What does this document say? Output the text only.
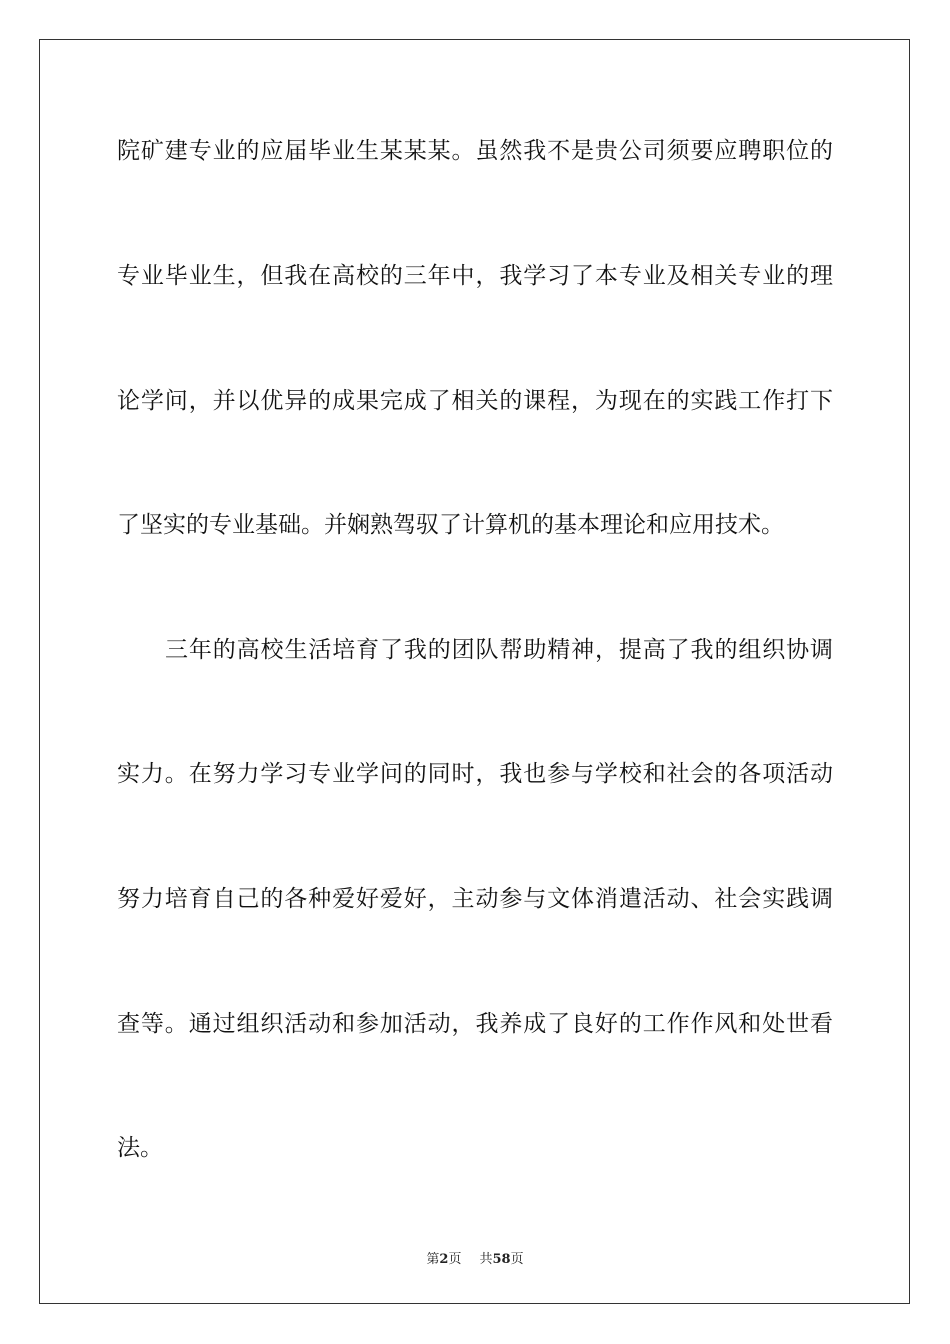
院矿建专业的应届毕业生某某某。虽然我不是贵公司须要应聘职位的
专业毕业生，但我在高校的三年中，我学习了本专业及相关专业的理
论学问，并以优异的成果完成了相关的课程，为现在的实践工作打下
了坚实的专业基础。并娴熟驾驭了计算机的基本理论和应用技术。
三年的高校生活培育了我的团队帮助精神，提高了我的组织协调
实力。在努力学习专业学问的同时，我也参与学校和社会的各项活动
努力培育自己的各种爱好爱好，主动参与文体消遣活动、社会实践调
查等。通过组织活动和参加活动，我养成了良好的工作作风和处世看
法。
第2页 共58页
